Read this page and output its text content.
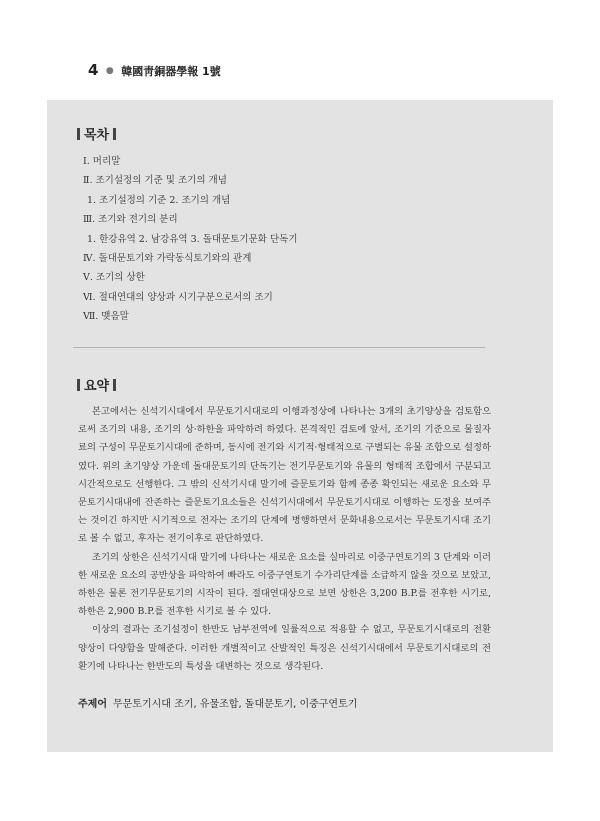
4 ● 韓國靑銅器學報 1號
목차
Ⅰ. 머리말
Ⅱ. 조기설정의 기준 및 조기의 개념
1. 조기설정의 기준 2. 조기의 개념
Ⅲ. 조기와 전기의 분리
1. 한강유역 2. 남강유역 3. 돌대문토기문화 단독기
Ⅳ. 돌대문토기와 가락동식토기와의 관계
Ⅴ. 조기의 상한
Ⅵ. 절대연대의 양상과 시기구분으로서의 조기
Ⅶ. 맺음말
요약

본고에서는 신석기시대에서 무문토기시대로의 이행과정상에 나타나는 3개의 초기양상을 검토함으로써 조기의 내용, 조기의 상·하한을 파악하려 하였다. 본격적인 검토에 앞서, 조기의 기준으로 물질자료의 구성이 무문토기시대에 준하며, 동시에 전기와 시기적·형태적으로 구별되는 유물 조합으로 설정하였다. 위의 초기양상 가운데 돌대문토기의 단독기는 전기무문토기와 유물의 형태적 조합에서 구분되고 시간적으로도 선행한다. 그 밖의 신석기시대 말기에 즐문토기와 함께 종종 확인되는 새로운 요소와 무문토기시대내에 잔존하는 즐문토기요소들은 신석기시대에서 무문토기시대로 이행하는 도정을 보여주는 것이긴 하지만 시기적으로 전자는 조기의 단계에 병행하면서 문화내용으로서는 무문토기시대 조기로 볼 수 없고, 후자는 전기이후로 판단하였다.

조기의 상한은 신석기시대 말기에 나타나는 새로운 요소를 실마리로 이중구연토기의 3 단계와 이러한 새로운 요소의 공반상을 파악하여 빠라도 이중구연토기 수가리단계를 소급하지 않을 것으로 보았고, 하한은 물론 전기무문토기의 시작이 된다. 절대연대상으로 보면 상한은 3,200 B.P.를 전후한 시기로, 하한은 2,900 B.P.를 전후한 시기로 볼 수 있다.

이상의 결과는 조기설정이 한반도 남부전역에 일률적으로 적용할 수 없고, 무문토기시대로의 전환양상이 다양함을 말해준다. 이러한 개별적이고 산발적인 특징은 신석기시대에서 무문토기시대로의 전환기에 나타나는 한반도의 특성을 대변하는 것으로 생각된다.

주제어 무문토기시대 조기, 유물조합, 돌대문토기, 이중구연토기
